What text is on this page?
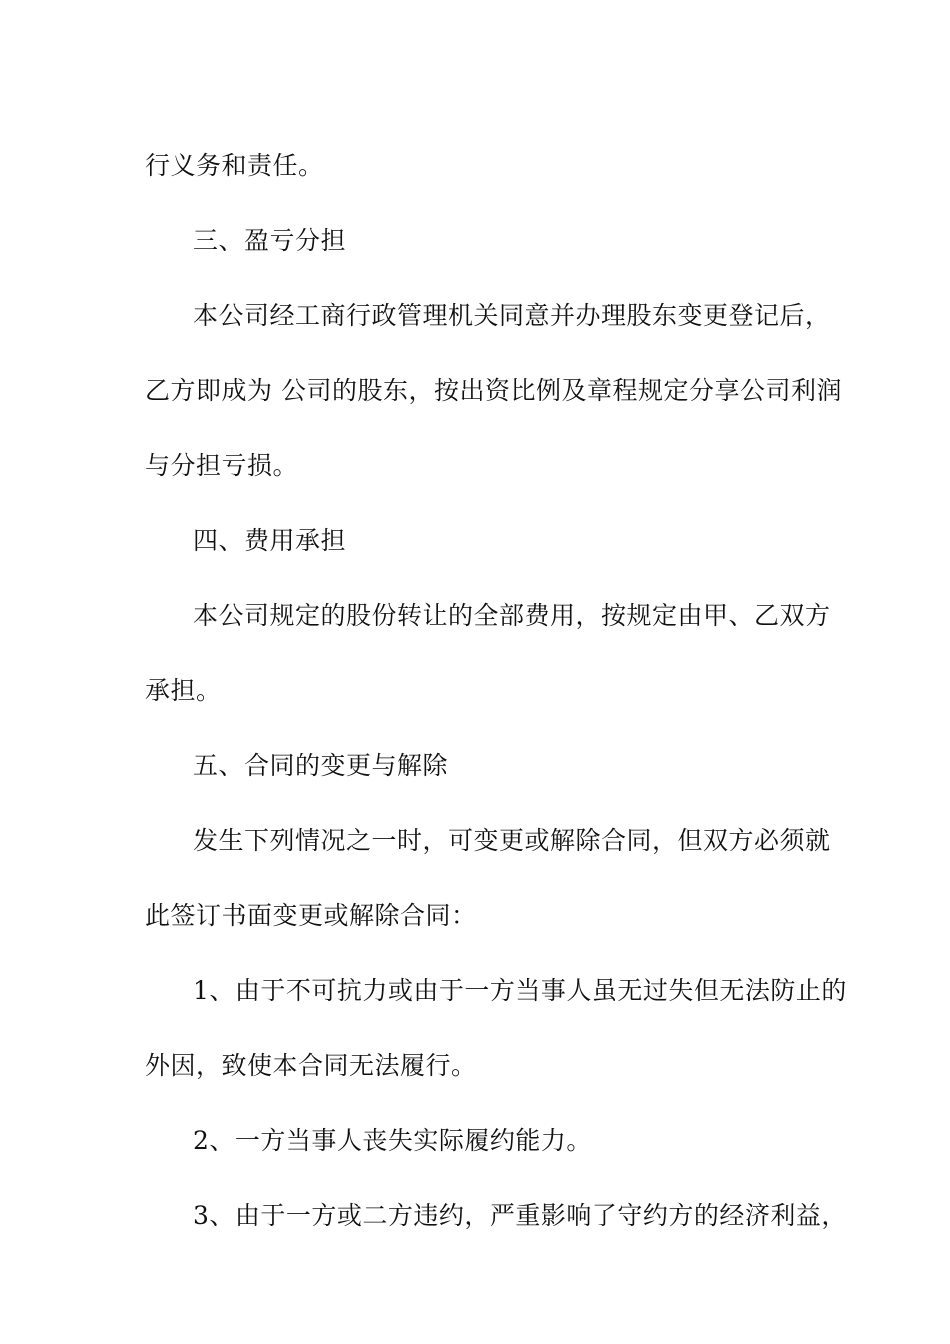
行义务和责任。
三、盈亏分担
本公司经工商行政管理机关同意并办理股东变更登记后，
乙方即成为 公司的股东，按出资比例及章程规定分享公司利润
与分担亏损。
四、费用承担
本公司规定的股份转让的全部费用，按规定由甲、乙双方
承担。
五、合同的变更与解除
发生下列情况之一时，可变更或解除合同，但双方必须就
此签订书面变更或解除合同：
1、由于不可抗力或由于一方当事人虽无过失但无法防止的
外因，致使本合同无法履行。
2、一方当事人丧失实际履约能力。
3、由于一方或二方违约，严重影响了守约方的经济利益，
